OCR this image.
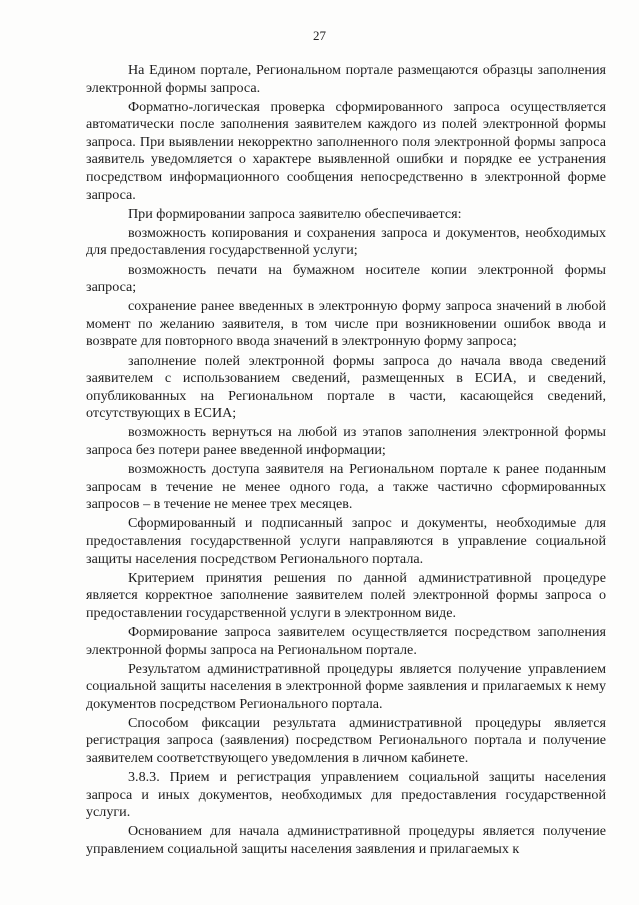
27

На Едином портале, Региональном портале размещаются образцы заполнения электронной формы запроса.

Форматно-логическая проверка сформированного запроса осуществляется автоматически после заполнения заявителем каждого из полей электронной формы запроса. При выявлении некорректно заполненного поля электронной формы запроса заявитель уведомляется о характере выявленной ошибки и порядке ее устранения посредством информационного сообщения непосредственно в электронной форме запроса.

При формировании запроса заявителю обеспечивается:

возможность копирования и сохранения запроса и документов, необходимых для предоставления государственной услуги;

возможность печати на бумажном носителе копии электронной формы запроса;

сохранение ранее введенных в электронную форму запроса значений в любой момент по желанию заявителя, в том числе при возникновении ошибок ввода и возврате для повторного ввода значений в электронную форму запроса;

заполнение полей электронной формы запроса до начала ввода сведений заявителем с использованием сведений, размещенных в ЕСИА, и сведений, опубликованных на Региональном портале в части, касающейся сведений, отсутствующих в ЕСИА;

возможность вернуться на любой из этапов заполнения электронной формы запроса без потери ранее введенной информации;

возможность доступа заявителя на Региональном портале к ранее поданным запросам в течение не менее одного года, а также частично сформированных запросов – в течение не менее трех месяцев.

Сформированный и подписанный запрос и документы, необходимые для предоставления государственной услуги направляются в управление социальной защиты населения посредством Регионального портала.

Критерием принятия решения по данной административной процедуре является корректное заполнение заявителем полей электронной формы запроса о предоставлении государственной услуги в электронном виде.

Формирование запроса заявителем осуществляется посредством заполнения электронной формы запроса на Региональном портале.

Результатом административной процедуры является получение управлением социальной защиты населения в электронной форме заявления и прилагаемых к нему документов посредством Регионального портала.

Способом фиксации результата административной процедуры является регистрация запроса (заявления) посредством Регионального портала и получение заявителем соответствующего уведомления в личном кабинете.

3.8.3. Прием и регистрация управлением социальной защиты населения запроса и иных документов, необходимых для предоставления государственной услуги.

Основанием для начала административной процедуры является получение управлением социальной защиты населения заявления и прилагаемых к
